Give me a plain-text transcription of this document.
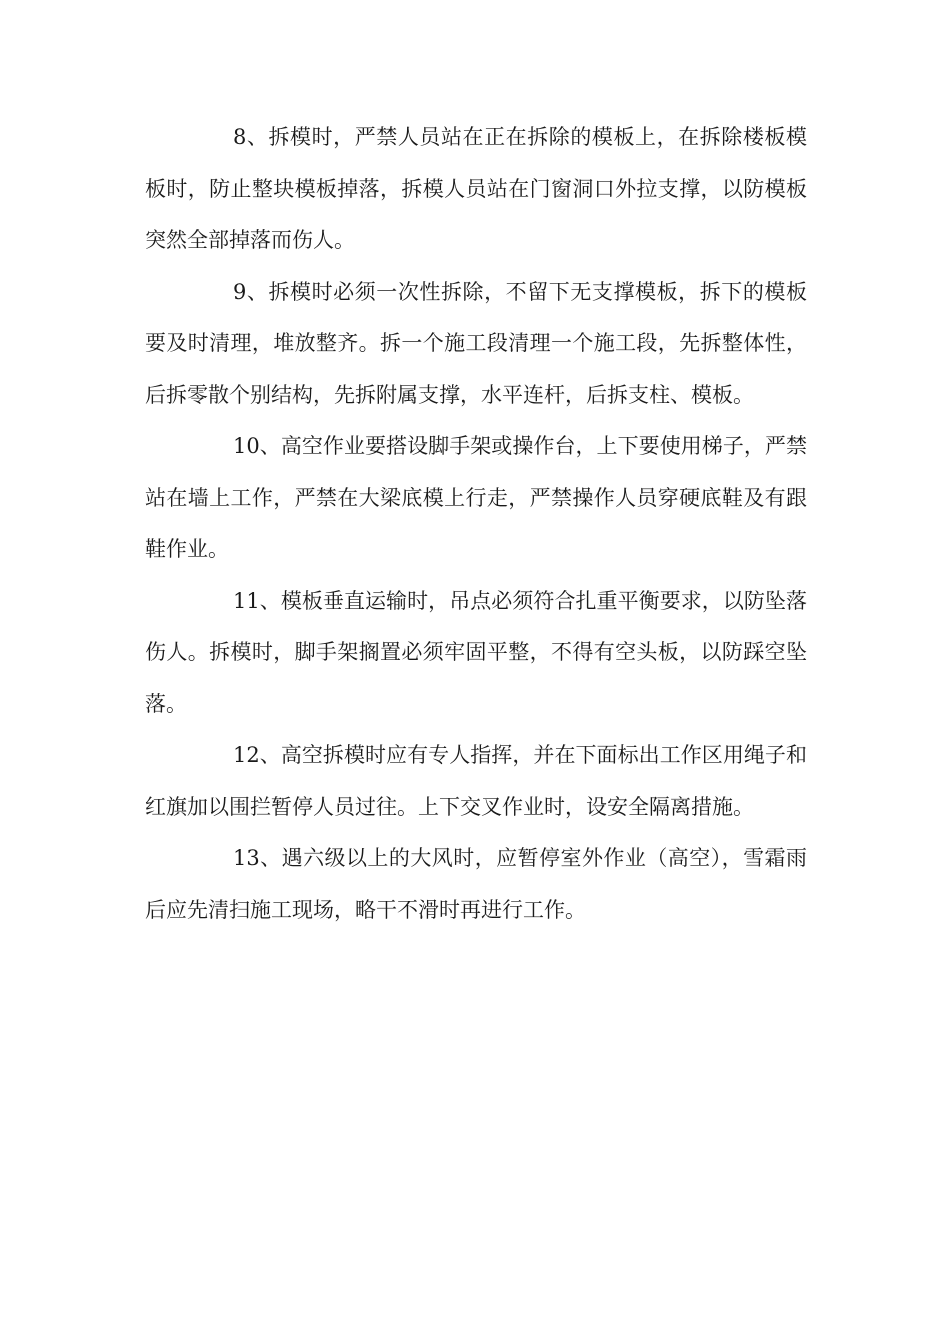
8、拆模时，严禁人员站在正在拆除的模板上，在拆除楼板模板时，防止整块模板掉落，拆模人员站在门窗洞口外拉支撑，以防模板突然全部掉落而伤人。

9、拆模时必须一次性拆除，不留下无支撑模板，拆下的模板要及时清理，堆放整齐。拆一个施工段清理一个施工段，先拆整体性，后拆零散个别结构，先拆附属支撑，水平连杆，后拆支柱、模板。

10、高空作业要搭设脚手架或操作台，上下要使用梯子，严禁站在墙上工作，严禁在大梁底模上行走，严禁操作人员穿硬底鞋及有跟鞋作业。

11、模板垂直运输时，吊点必须符合扎重平衡要求，以防坠落伤人。拆模时，脚手架搁置必须牢固平整，不得有空头板，以防踩空坠落。

12、高空拆模时应有专人指挥，并在下面标出工作区用绳子和红旗加以围拦暂停人员过往。上下交叉作业时，设安全隔离措施。

13、遇六级以上的大风时，应暂停室外作业（高空），雪霜雨后应先清扫施工现场，略干不滑时再进行工作。
